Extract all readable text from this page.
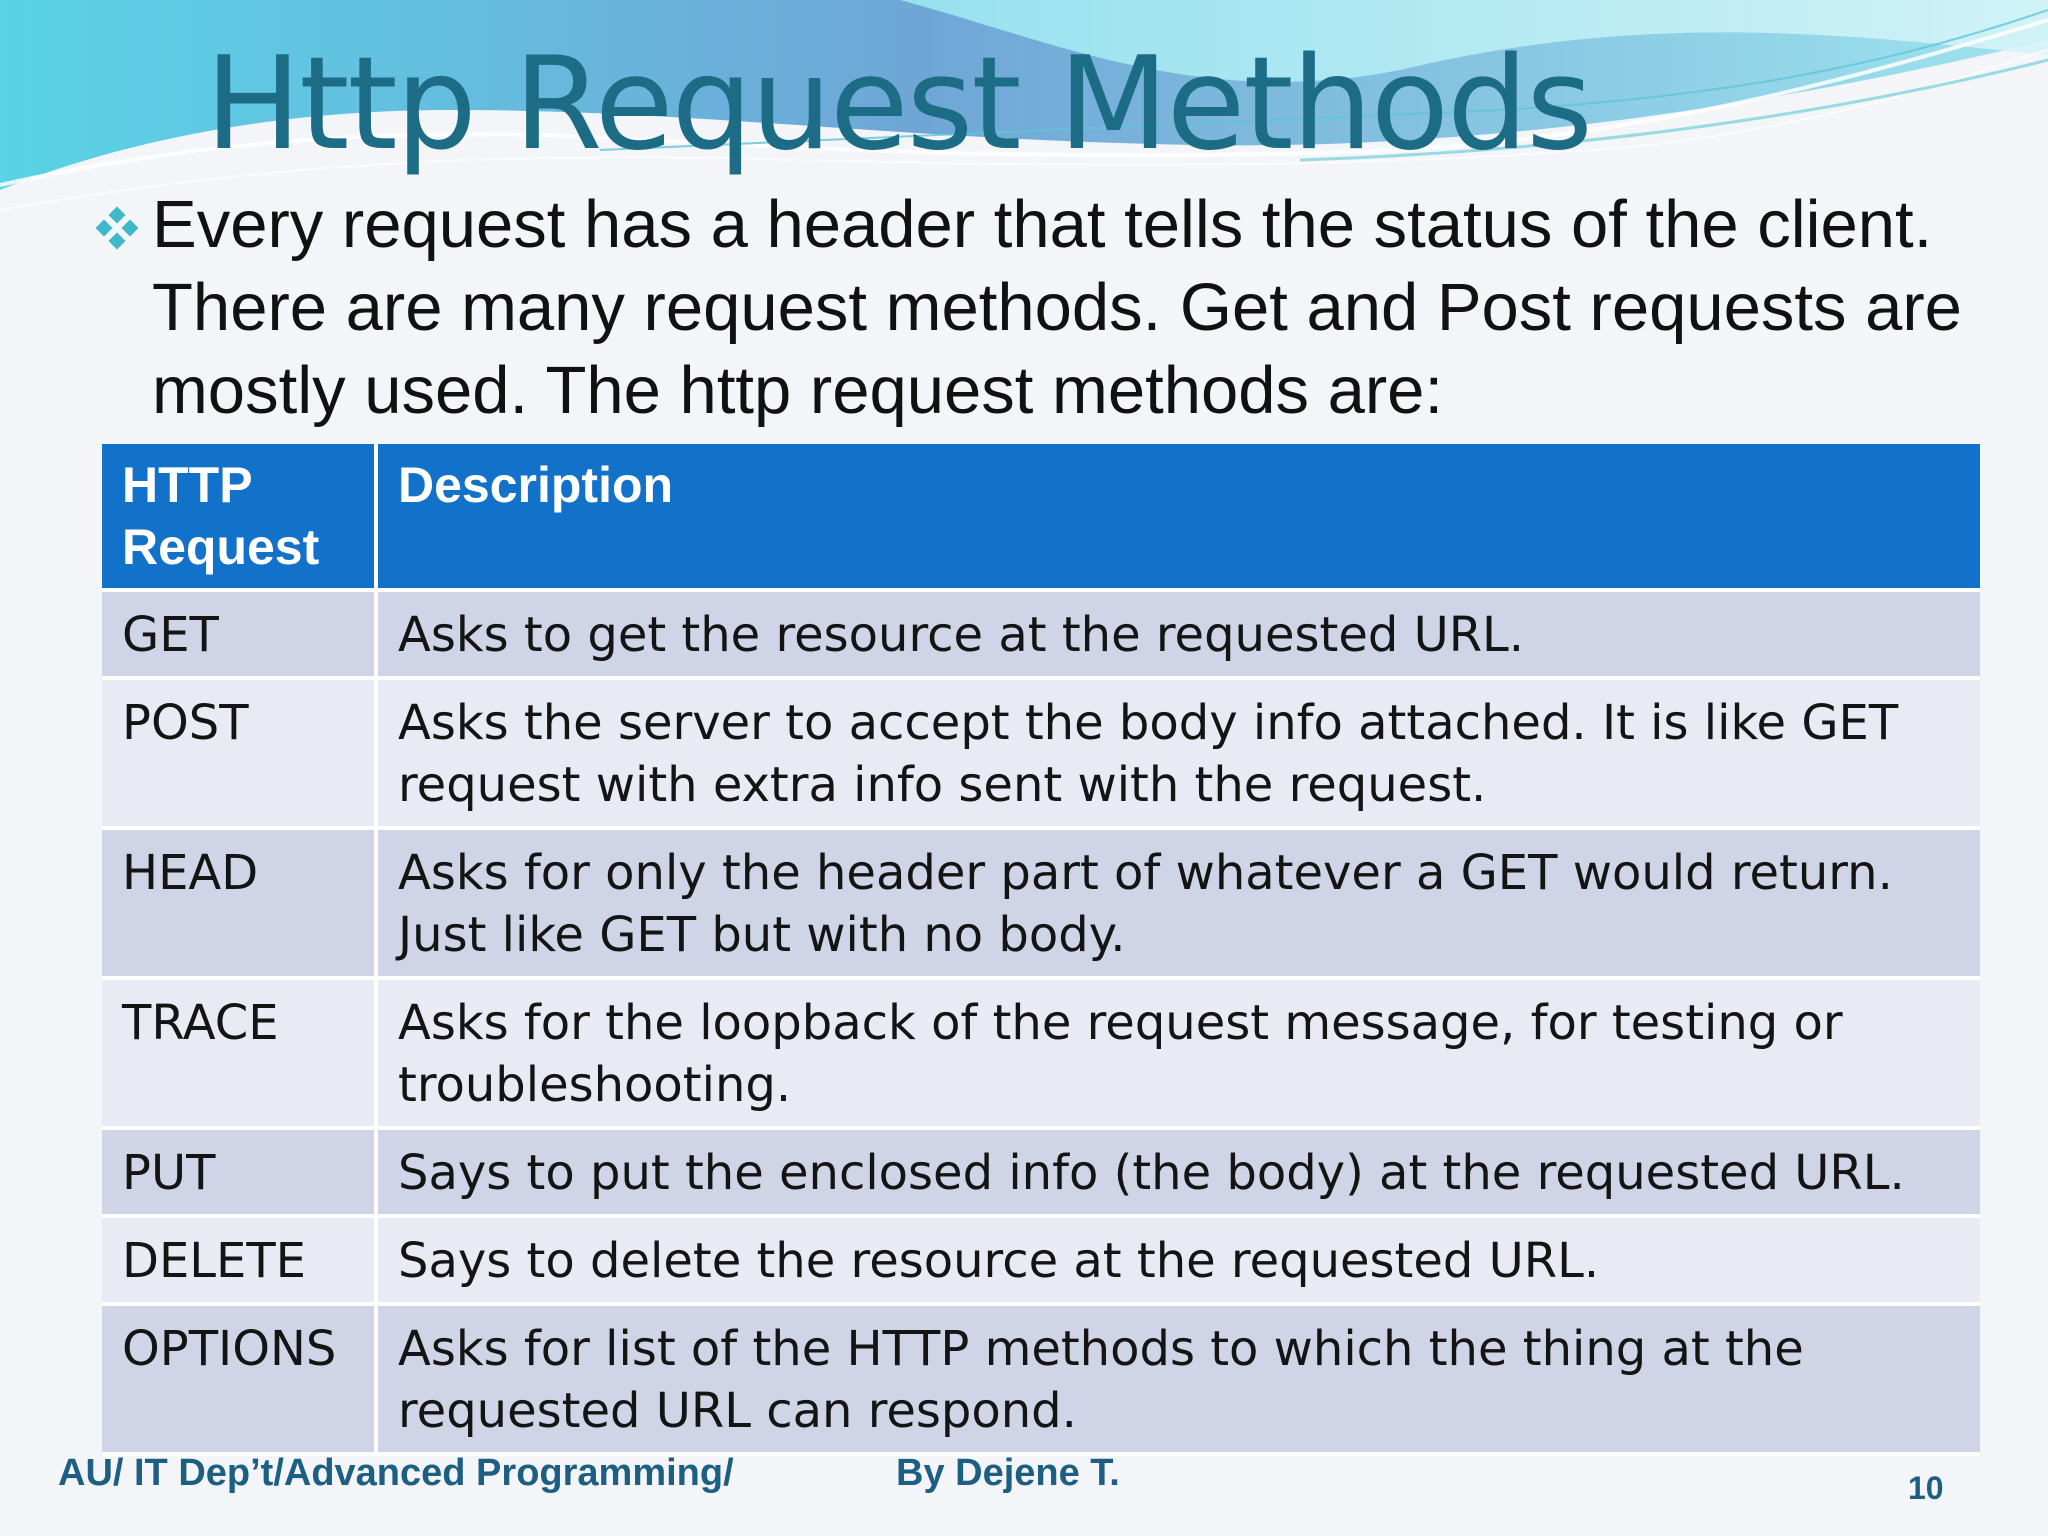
Http Request Methods
Every request has a header that tells the status of the client. There are many request methods. Get and Post requests are mostly used. The http request methods are:
HTTP Request	Description
GET	Asks to get the resource at the requested URL.
POST	Asks the server to accept the body info attached. It is like GET request with extra info sent with the request.
HEAD	Asks for only the header part of whatever a GET would return. Just like GET but with no body.
TRACE	Asks for the loopback of the request message, for testing or troubleshooting.
PUT	Says to put the enclosed info (the body) at the requested URL.
DELETE	Says to delete the resource at the requested URL.
OPTIONS	Asks for list of the HTTP methods to which the thing at the requested URL can respond.
AU/ IT Dep’t/Advanced Programming/	By Dejene T.	10
